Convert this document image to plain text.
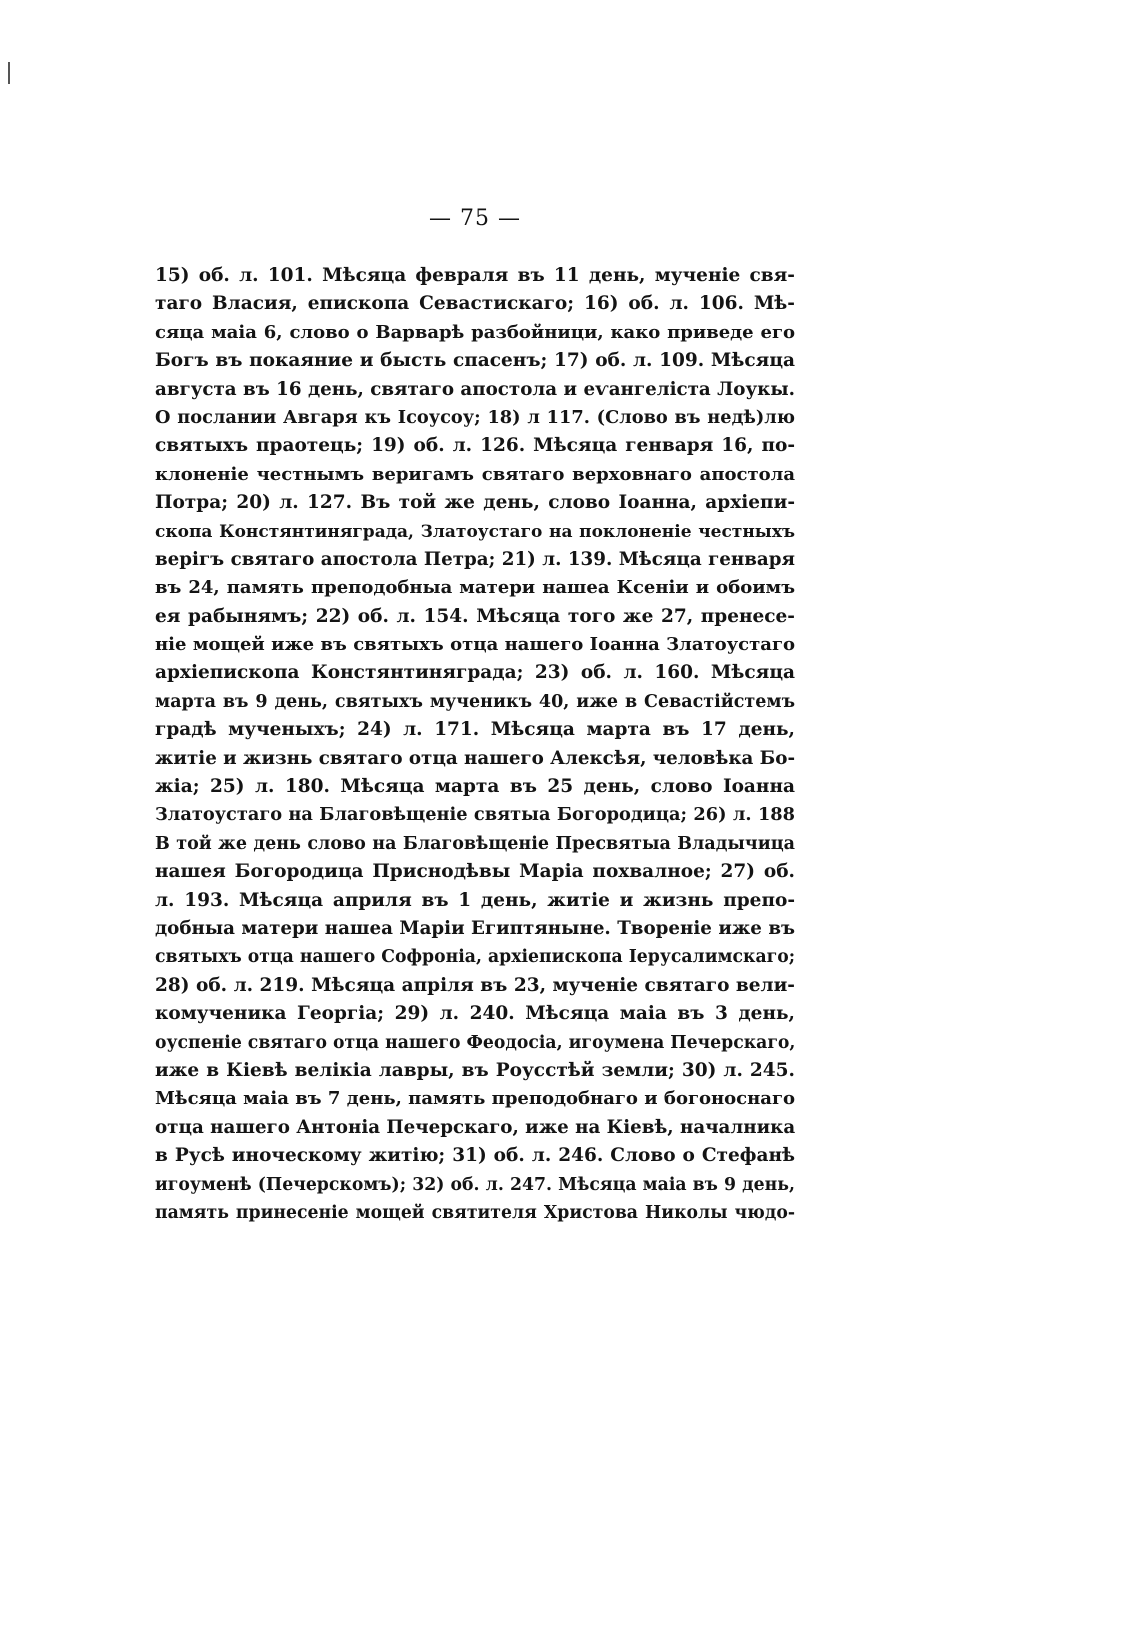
— 75 —
15) об. л. 101. Мѣсяца феврaля въ 11 день, мученіе свя-
таго Власия, епископа Севастискаго; 16) об. л. 106. Мѣ-
сяца маіа 6, слово о Варварѣ разбойници, како приведе его
Богъ въ покаяние и бысть спасенъ; 17) об. л. 109. Мѣсяца
августа въ 16 день, святаго апостола и еѵангеліста Лоукы.
О послании Авгаря къ Ісоусоу; 18) л 117. (Слово въ недѣ)лю
святыхъ праотець; 19) об. л. 126. Мѣсяца генваря 16, по-
клоненіе честнымъ веригамъ святаго верховнаго апостола
Потра; 20) л. 127. Въ той же день, слово Іоанна, архіепи-
скопа Констянтиняграда, Златоустаго на поклоненіе честныхъ
верігъ святаго апостола Петра; 21) л. 139. Мѣсяца генваря
въ 24, память преподобныа матери нашеа Ксеніи и обоимъ
ея рабынямъ; 22) об. л. 154. Мѣсяца того же 27, пренесе-
ніе мощей иже въ святыхъ отца нашего Іоанна Златоустаго
архіепископа Констянтиняграда; 23) об. л. 160. Мѣсяца
марта въ 9 день, святыхъ мученикъ 40, иже в Севастійстемъ
градѣ мученыхъ; 24) л. 171. Мѣсяца марта въ 17 день,
житіе и жизнь святаго отца нашего Алексѣя, человѣка Бо-
жіа; 25) л. 180. Мѣсяца марта въ 25 день, слово Іоанна
Златоустаго на Благовѣщеніе святыа Богородица; 26) л. 188
В той же день слово на Благовѣщеніе Пресвятыа Владычица
нашея Богородица Приснодѣвы Маріа похвалное; 27) об.
л. 193. Мѣсяца априля въ 1 день, житіе и жизнь препо-
добныа матери нашеа Маріи Египтяныне. Твореніе иже въ
святыхъ отца нашего Софроніа, архіепископа Іерусалимскаго;
28) об. л. 219. Мѣсяца апріля въ 23, мученіе святаго вели-
комученика Георгіа; 29) л. 240. Мѣсяца маіа въ 3 день,
оуспеніе святаго отца нашего Феодосіа, игоумена Печерскаго,
иже в Кіевѣ велікіа лавры, въ Роусстѣй земли; 30) л. 245.
Мѣсяца маіа въ 7 день, память преподобнаго и богоноснаго
отца нашего Антоніа Печерскаго, иже на Кіевѣ, началника
в Русѣ иноческому житію; 31) об. л. 246. Слово о Стефанѣ
игоуменѣ (Печерскомъ); 32) об. л. 247. Мѣсяца маіа въ 9 день,
память принесеніе мощей святителя Христова Николы чюдо-
